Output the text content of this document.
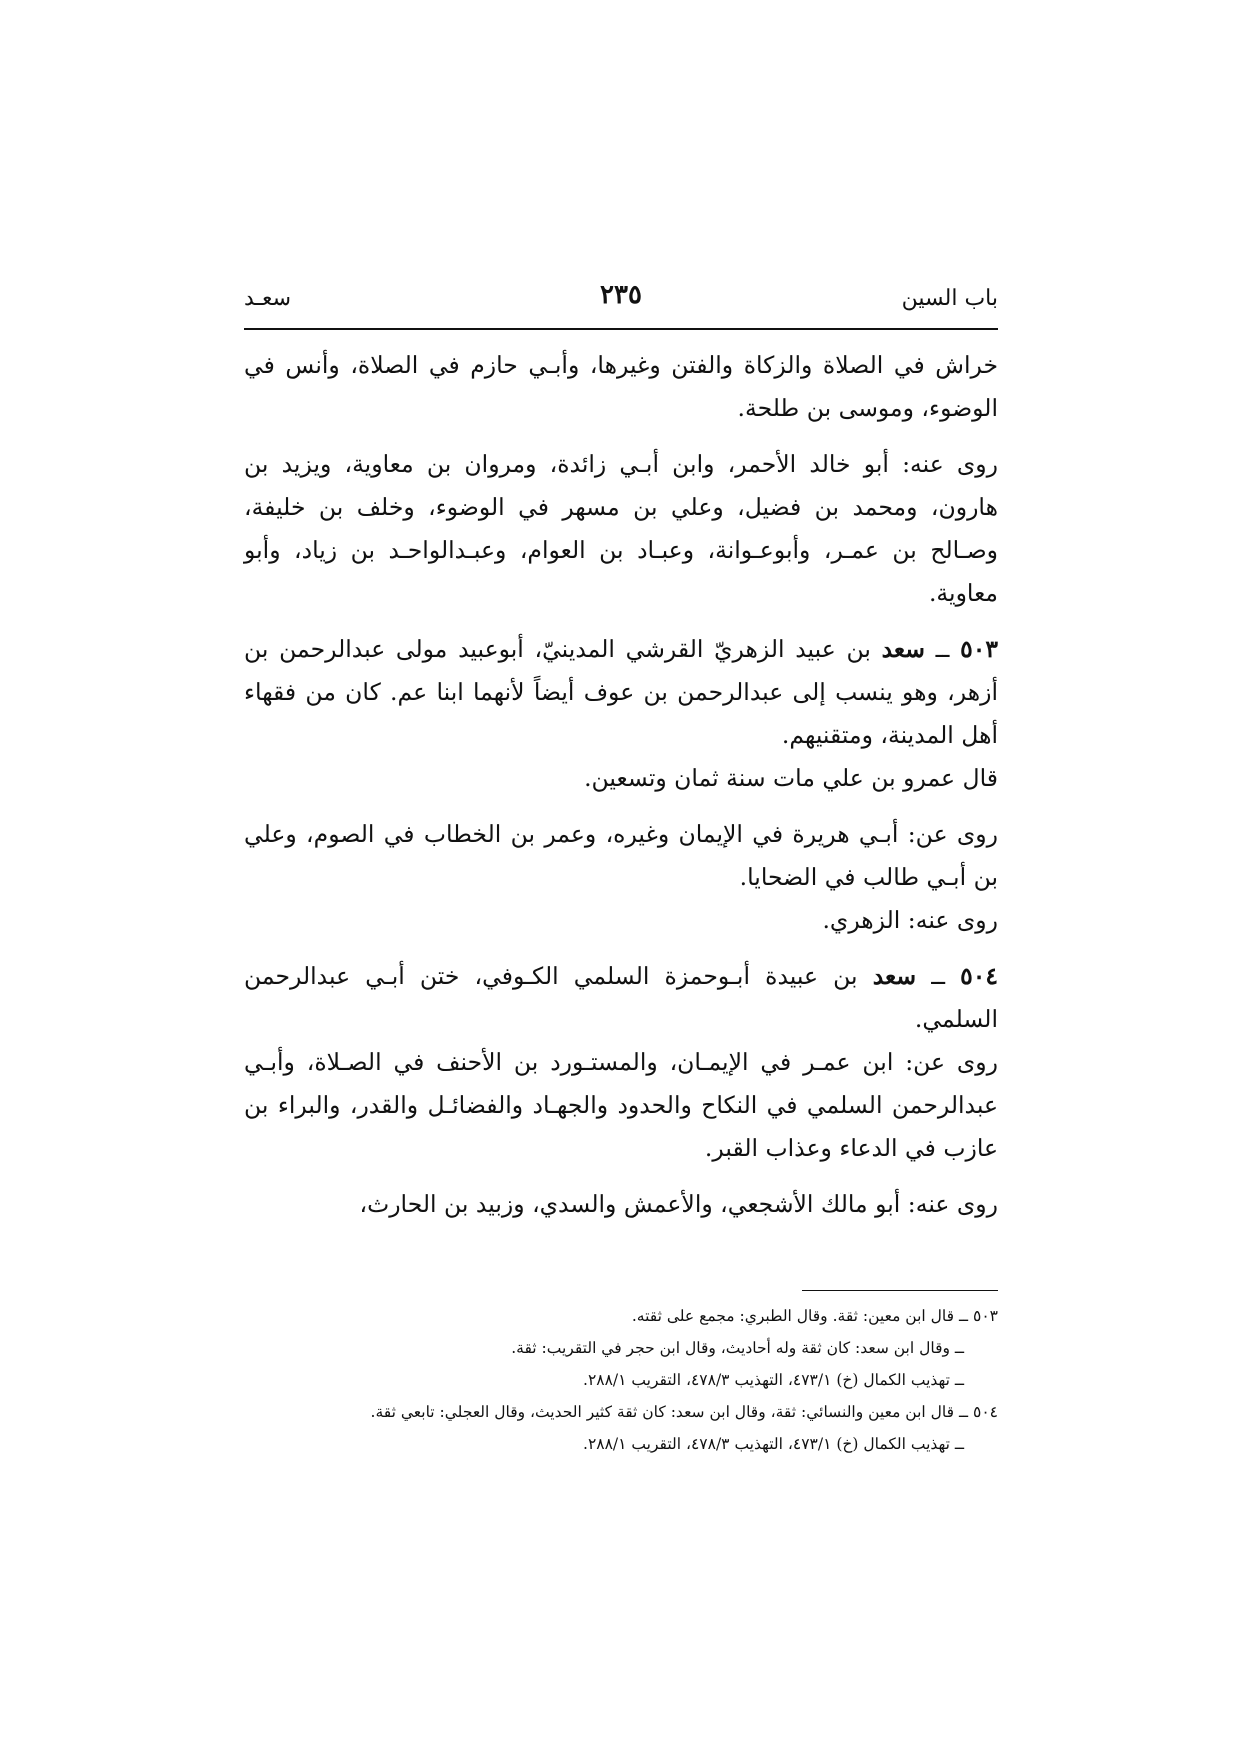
باب السين
٢٣٥
سعـد

خراش في الصلاة والزكاة والفتن وغيرها، وأبـي حازم في الصلاة، وأنس في الوضوء، وموسى بن طلحة.

روى عنه: أبو خالد الأحمر، وابن أبـي زائدة، ومروان بن معاوية، ويزيد بن هارون، ومحمد بن فضيل، وعلي بن مسهر في الوضوء، وخلف بن خليفة، وصـالح بن عمـر، وأبوعـوانة، وعبـاد بن العوام، وعبـدالواحـد بن زياد، وأبو معاوية.

٥٠٣ ــ سعد بن عبيد الزهريّ القرشي المدينيّ، أبوعبيد مولى عبدالرحمن بن أزهر، وهو ينسب إلى عبدالرحمن بن عوف أيضاً لأنهما ابنا عم. كان من فقهاء أهل المدينة، ومتقنيهم.

قال عمرو بن علي مات سنة ثمان وتسعين.

روى عن: أبـي هريرة في الإيمان وغيره، وعمر بن الخطاب في الصوم، وعلي بن أبـي طالب في الضحايا.

روى عنه: الزهري.

٥٠٤ ــ سعد بن عبيدة أبـوحمزة السلمي الكـوفي، ختن أبـي عبدالرحمن السلمي.

روى عن: ابن عمـر في الإيمـان، والمستـورد بن الأحنف في الصـلاة، وأبـي عبدالرحمن السلمي في النكاح والحدود والجهـاد والفضائـل والقدر، والبراء بن عازب في الدعاء وعذاب القبر.

روى عنه: أبو مالك الأشجعي، والأعمش والسدي، وزبيد بن الحارث،

٥٠٣ ــ قال ابن معين: ثقة. وقال الطبري: مجمع على ثقته.

ــ وقال ابن سعد: كان ثقة وله أحاديث، وقال ابن حجر في التقريب: ثقة.

ــ تهذيب الكمال (خ) ٤٧٣/١، التهذيب ٤٧٨/٣، التقريب ٢٨٨/١.

٥٠٤ ــ قال ابن معين والنسائي: ثقة، وقال ابن سعد: كان ثقة كثير الحديث، وقال العجلي: تابعي ثقة.

ــ تهذيب الكمال (خ) ٤٧٣/١، التهذيب ٤٧٨/٣، التقريب ٢٨٨/١.
